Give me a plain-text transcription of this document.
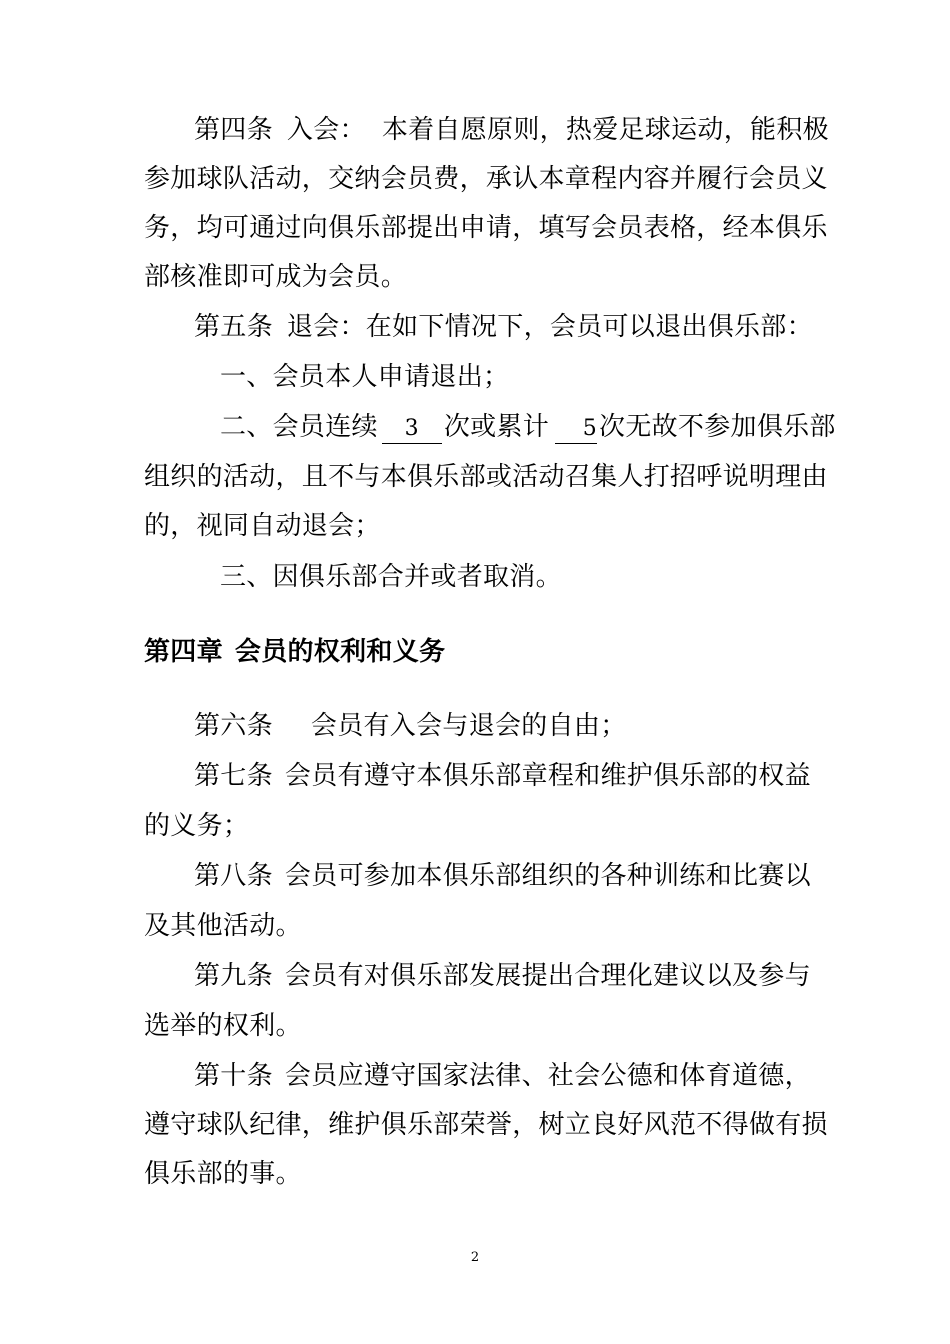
第四条 入会： 本着自愿原则，热爱足球运动，能积极
参加球队活动，交纳会员费，承认本章程内容并履行会员义
务，均可通过向俱乐部提出申请，填写会员表格，经本俱乐
部核准即可成为会员。
第五条 退会：在如下情况下，会员可以退出俱乐部：
一、会员本人申请退出；
二、会员连续 3 次或累计 5次无故不参加俱乐部
组织的活动，且不与本俱乐部或活动召集人打招呼说明理由
的，视同自动退会；
三、因俱乐部合并或者取消。
第四章 会员的权利和义务
第六条 会员有入会与退会的自由；
第七条 会员有遵守本俱乐部章程和维护俱乐部的权益
的义务；
第八条 会员可参加本俱乐部组织的各种训练和比赛以
及其他活动。
第九条 会员有对俱乐部发展提出合理化建议以及参与
选举的权利。
第十条 会员应遵守国家法律、社会公德和体育道德，
遵守球队纪律，维护俱乐部荣誉，树立良好风范不得做有损
俱乐部的事。
2
